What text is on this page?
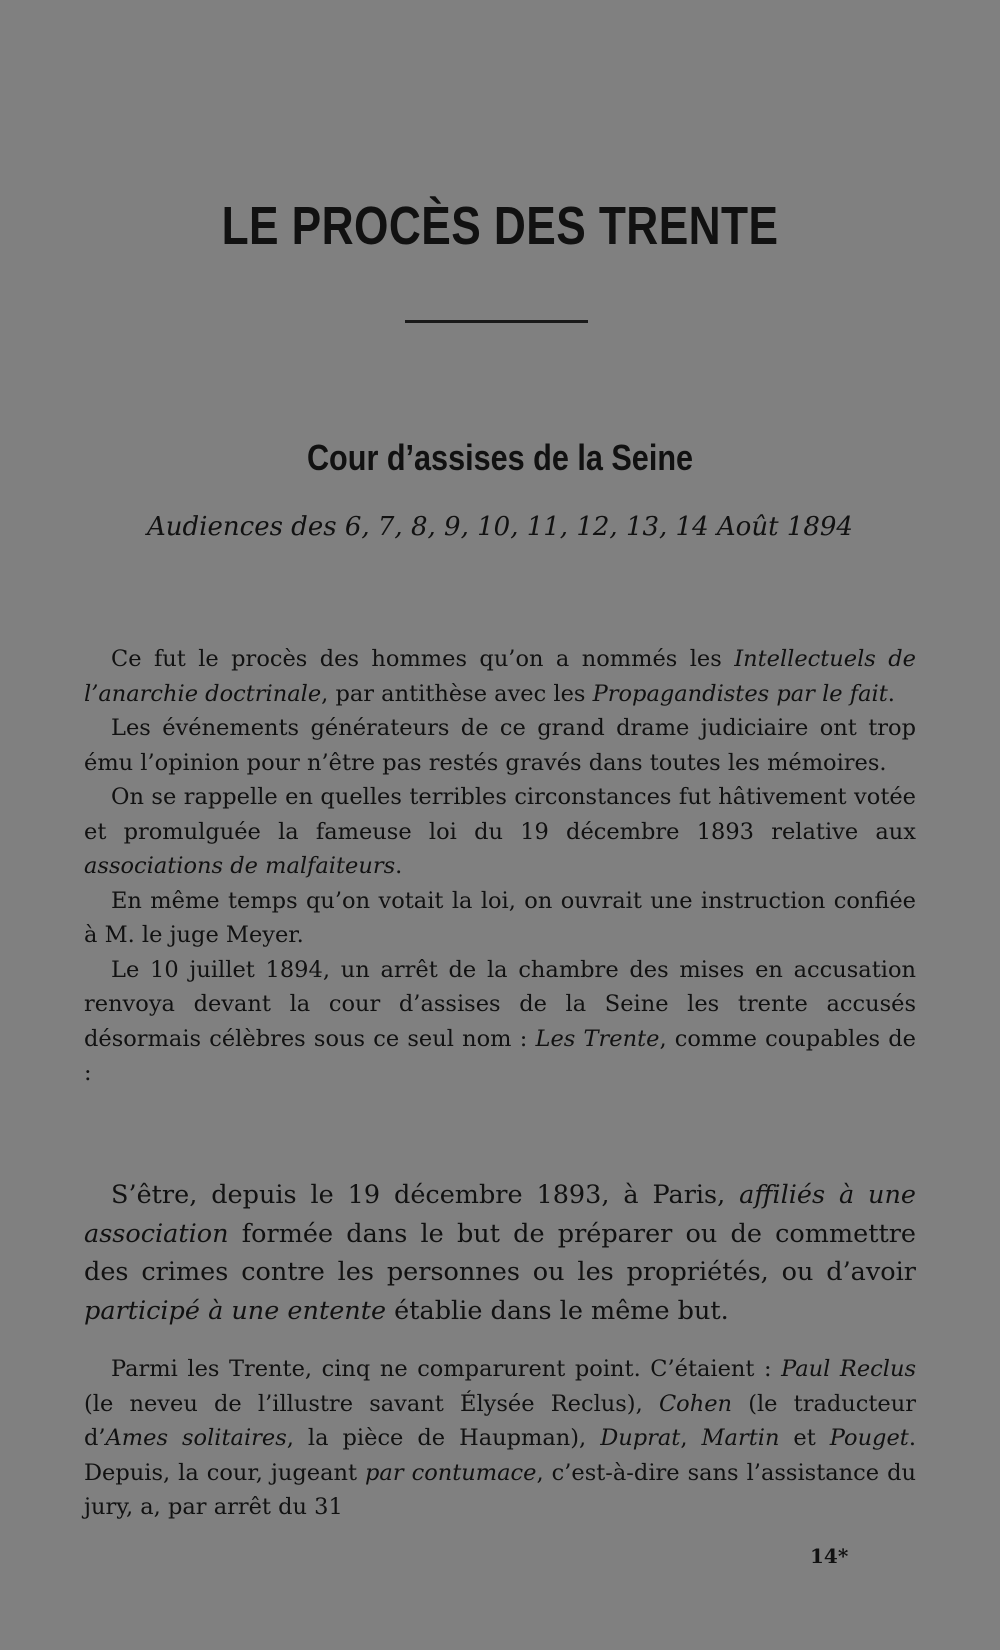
LE PROCÈS DES TRENTE
Cour d’assises de la Seine
Audiences des 6, 7, 8, 9, 10, 11, 12, 13, 14 Août 1894

Ce fut le procès des hommes qu’on a nommés les Intellectuels de l’anarchie doctrinale, par antithèse avec les Propagandistes par le fait.

Les événements générateurs de ce grand drame judiciaire ont trop ému l’opinion pour n’être pas restés gravés dans toutes les mémoires.

On se rappelle en quelles terribles circonstances fut hâtivement votée et promulguée la fameuse loi du 19 décembre 1893 relative aux associations de malfaiteurs.

En même temps qu’on votait la loi, on ouvrait une instruction confiée à M. le juge Meyer.

Le 10 juillet 1894, un arrêt de la chambre des mises en accusation renvoya devant la cour d’assises de la Seine les trente accusés désormais célèbres sous ce seul nom : Les Trente, comme coupables de :

S’être, depuis le 19 décembre 1893, à Paris, affiliés à une association formée dans le but de préparer ou de commettre des crimes contre les personnes ou les propriétés, ou d’avoir participé à une entente établie dans le même but.

Parmi les Trente, cinq ne comparurent point. C’étaient : Paul Reclus (le neveu de l’illustre savant Élysée Reclus), Cohen (le traducteur d’Ames solitaires, la pièce de Haupman), Duprat, Martin et Pouget. Depuis, la cour, jugeant par contumace, c’est-à-dire sans l’assistance du jury, a, par arrêt du 31

14*
